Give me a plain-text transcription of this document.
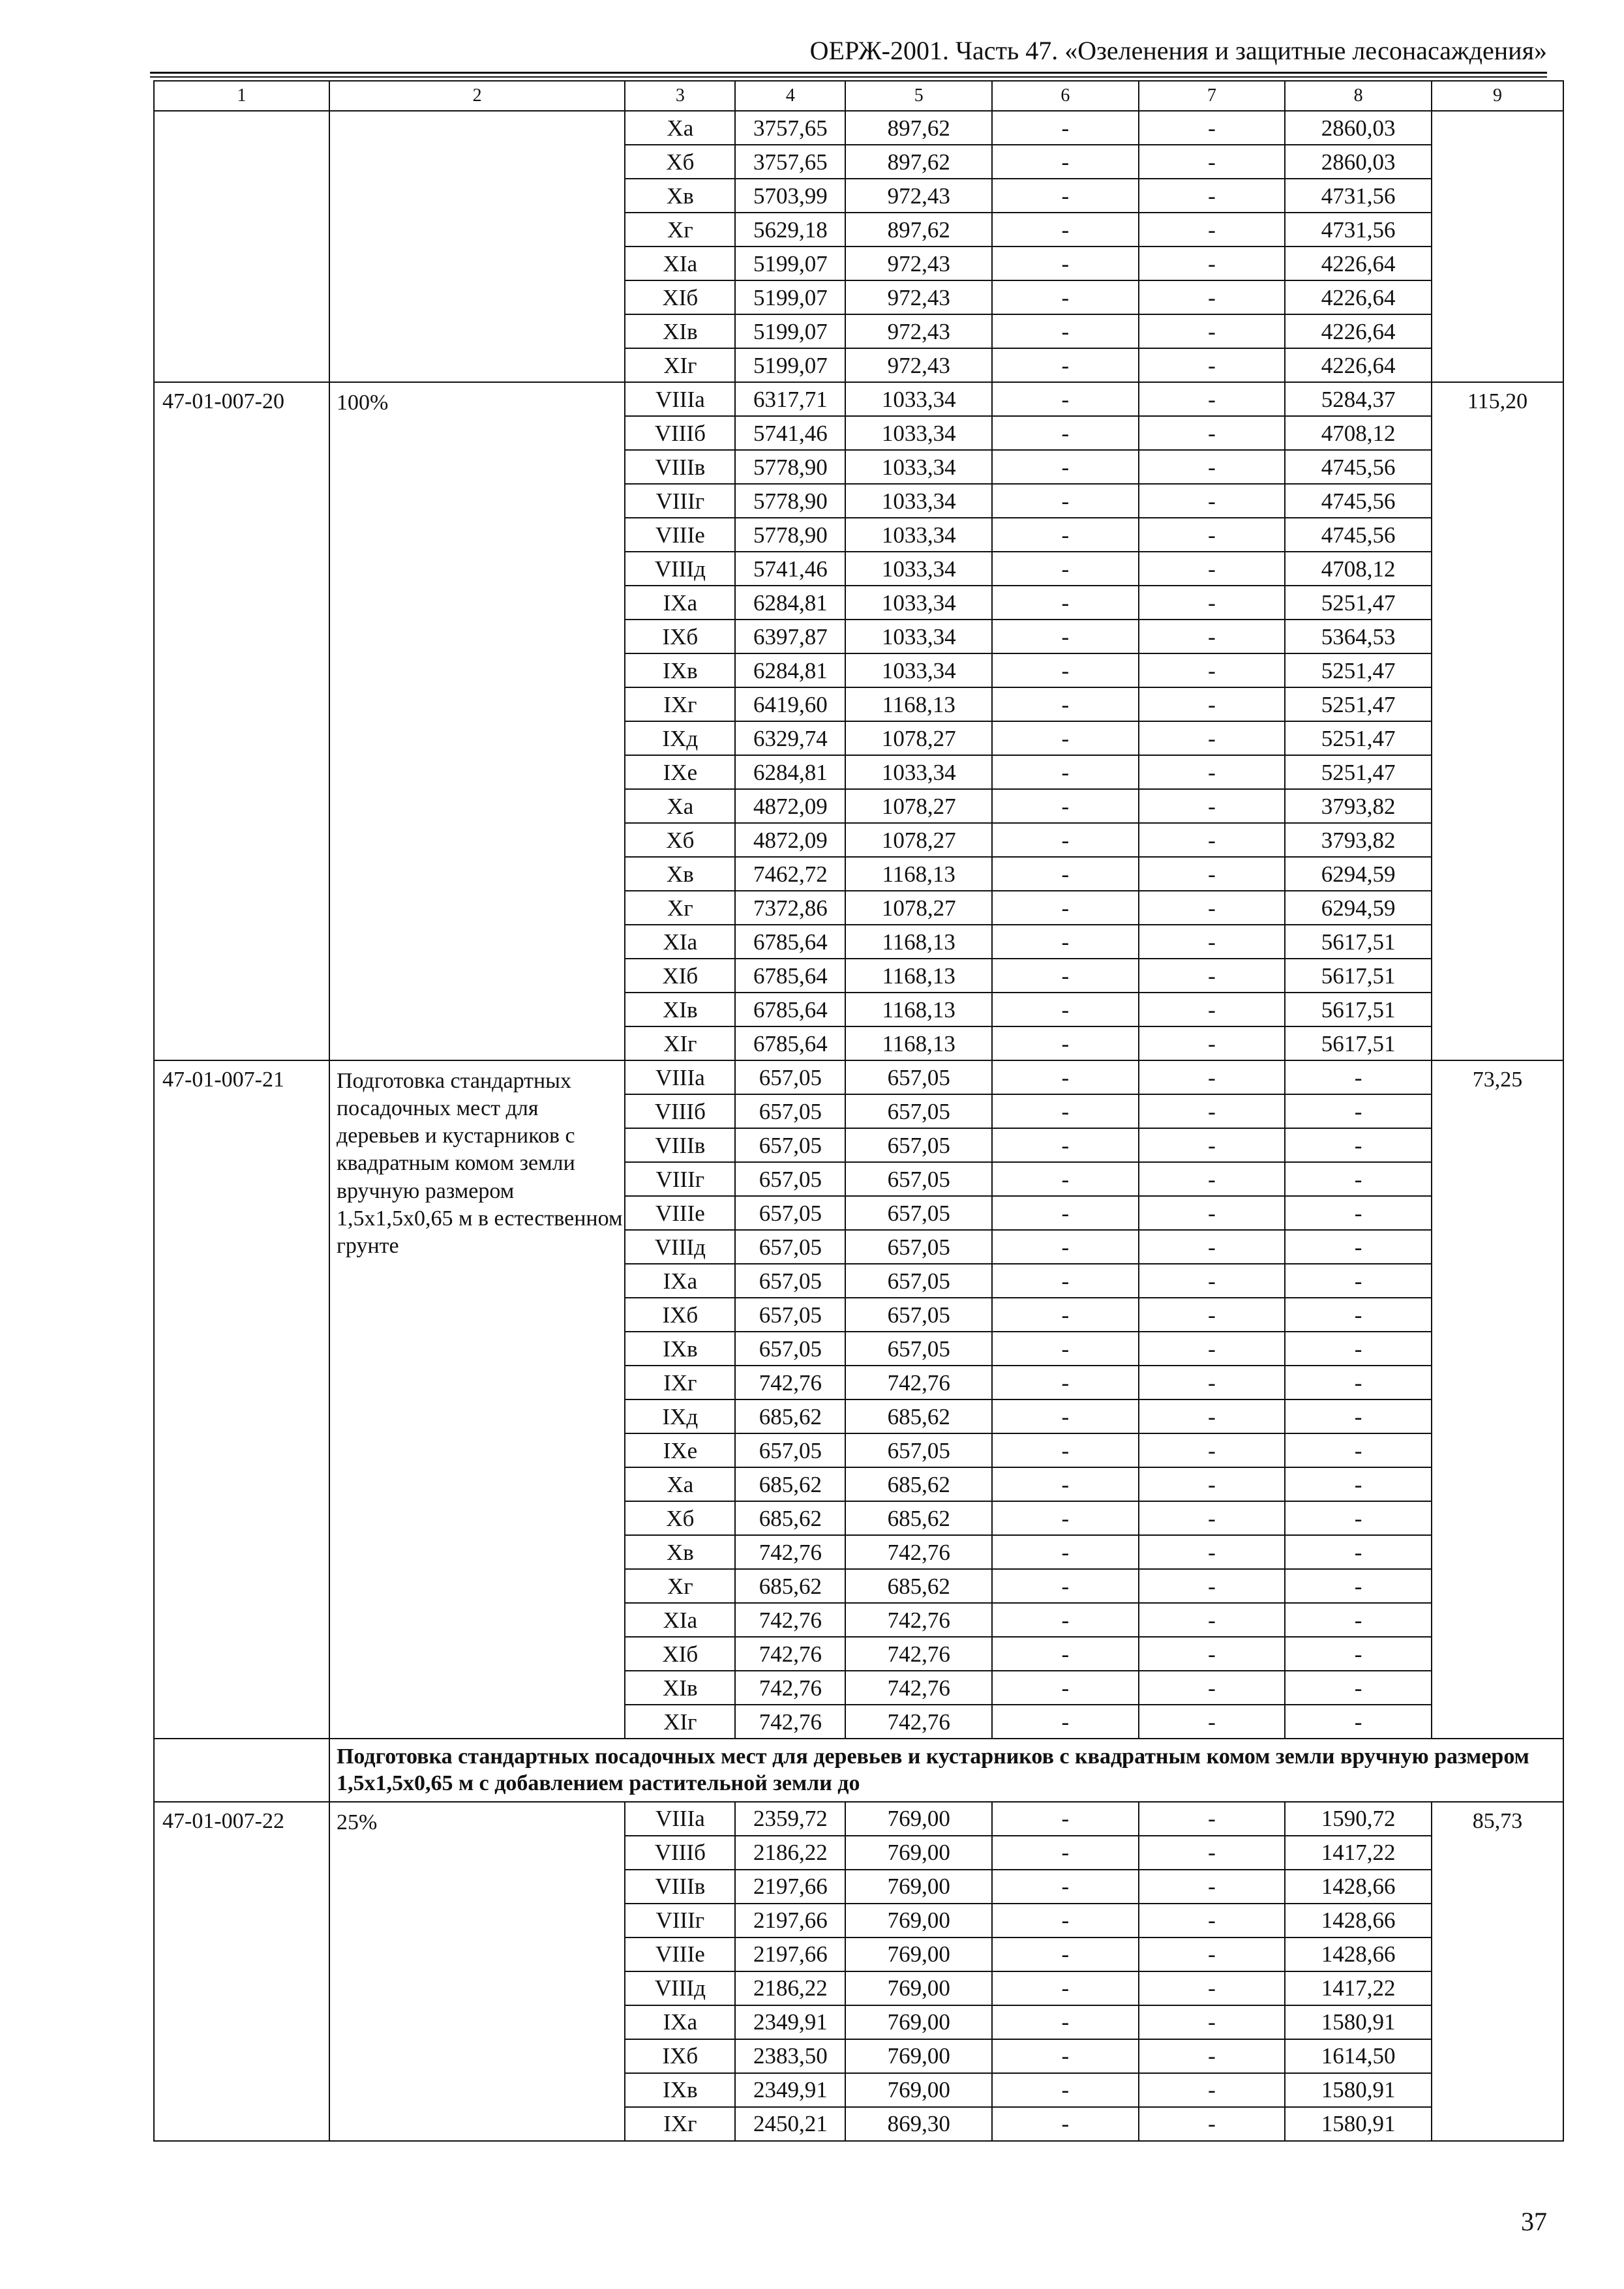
ОЕРЖ-2001. Часть 47. «Озеленения и защитные лесонасаждения»
1	2	3	4	5	6	7	8	9
		Ха	3757,65	897,62	-	-	2860,03	
		Хб	3757,65	897,62	-	-	2860,03	
		Хв	5703,99	972,43	-	-	4731,56	
		Хг	5629,18	897,62	-	-	4731,56	
		ХІа	5199,07	972,43	-	-	4226,64	
		ХІб	5199,07	972,43	-	-	4226,64	
		ХІв	5199,07	972,43	-	-	4226,64	
		ХІг	5199,07	972,43	-	-	4226,64	
47-01-007-20	100%	VIIIа	6317,71	1033,34	-	-	5284,37	115,20
		VIIIб	5741,46	1033,34	-	-	4708,12	
		VIIIв	5778,90	1033,34	-	-	4745,56	
		VIIIг	5778,90	1033,34	-	-	4745,56	
		VIIIе	5778,90	1033,34	-	-	4745,56	
		VIIIд	5741,46	1033,34	-	-	4708,12	
		IХа	6284,81	1033,34	-	-	5251,47	
		IХб	6397,87	1033,34	-	-	5364,53	
		IХв	6284,81	1033,34	-	-	5251,47	
		IХг	6419,60	1168,13	-	-	5251,47	
		IХд	6329,74	1078,27	-	-	5251,47	
		IХе	6284,81	1033,34	-	-	5251,47	
		Ха	4872,09	1078,27	-	-	3793,82	
		Хб	4872,09	1078,27	-	-	3793,82	
		Хв	7462,72	1168,13	-	-	6294,59	
		Хг	7372,86	1078,27	-	-	6294,59	
		ХІа	6785,64	1168,13	-	-	5617,51	
		ХІб	6785,64	1168,13	-	-	5617,51	
		ХІв	6785,64	1168,13	-	-	5617,51	
		ХІг	6785,64	1168,13	-	-	5617,51	
47-01-007-21	Подготовка стандартных посадочных мест для деревьев и кустарников с квадратным комом земли вручную размером 1,5х1,5х0,65 м в естественном грунте	VIIIа	657,05	657,05	-	-	-	73,25
		VIIIб	657,05	657,05	-	-	-	
		VIIIв	657,05	657,05	-	-	-	
		VIIIг	657,05	657,05	-	-	-	
		VIIIе	657,05	657,05	-	-	-	
		VIIIд	657,05	657,05	-	-	-	
		IХа	657,05	657,05	-	-	-	
		IХб	657,05	657,05	-	-	-	
		IХв	657,05	657,05	-	-	-	
		IХг	742,76	742,76	-	-	-	
		IХд	685,62	685,62	-	-	-	
		IХе	657,05	657,05	-	-	-	
		Ха	685,62	685,62	-	-	-	
		Хб	685,62	685,62	-	-	-	
		Хв	742,76	742,76	-	-	-	
		Хг	685,62	685,62	-	-	-	
		ХІа	742,76	742,76	-	-	-	
		ХІб	742,76	742,76	-	-	-	
		ХІв	742,76	742,76	-	-	-	
		ХІг	742,76	742,76	-	-	-	
	Подготовка стандартных посадочных мест для деревьев и кустарников с квадратным комом земли вручную размером 1,5х1,5х0,65 м с добавлением растительной земли до							
47-01-007-22	25%	VIIIа	2359,72	769,00	-	-	1590,72	85,73
		VIIIб	2186,22	769,00	-	-	1417,22	
		VIIIв	2197,66	769,00	-	-	1428,66	
		VIIIг	2197,66	769,00	-	-	1428,66	
		VIIIе	2197,66	769,00	-	-	1428,66	
		VIIIд	2186,22	769,00	-	-	1417,22	
		IХа	2349,91	769,00	-	-	1580,91	
		IХб	2383,50	769,00	-	-	1614,50	
		IХв	2349,91	769,00	-	-	1580,91	
		IХг	2450,21	869,30	-	-	1580,91	
37
